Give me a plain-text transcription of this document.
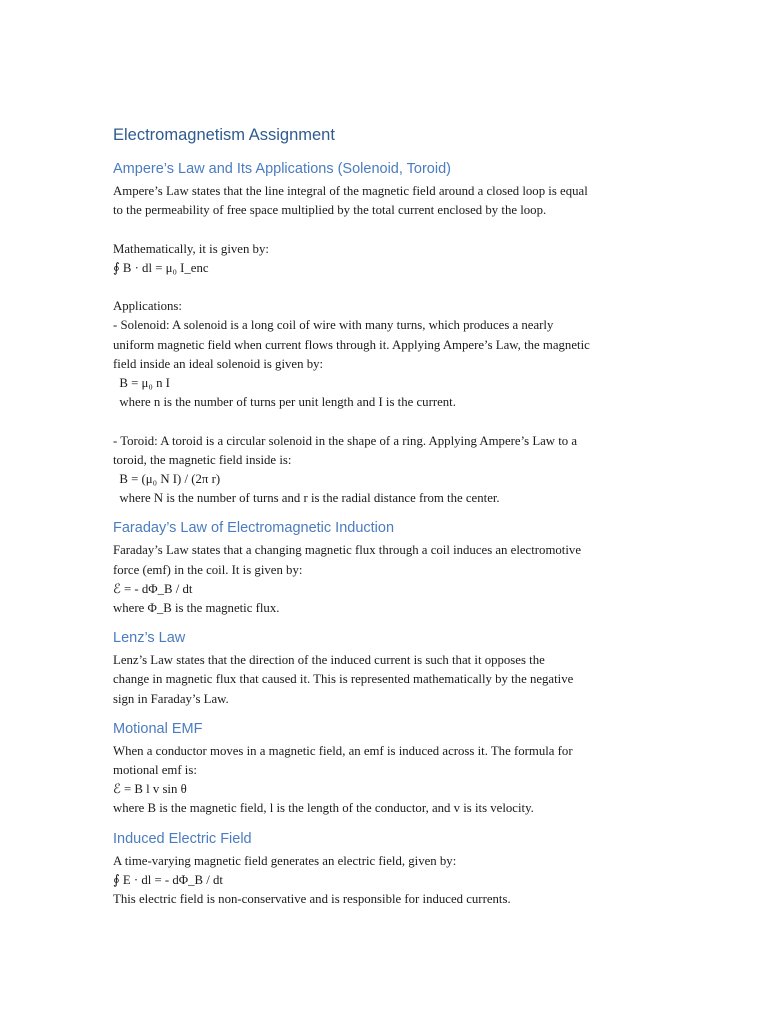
Electromagnetism Assignment
Ampere’s Law and Its Applications (Solenoid, Toroid)
Ampere’s Law states that the line integral of the magnetic field around a closed loop is equal
to the permeability of free space multiplied by the total current enclosed by the loop.
Mathematically, it is given by:
∮ B · dl = μ₀ I_enc
Applications:
- Solenoid: A solenoid is a long coil of wire with many turns, which produces a nearly
uniform magnetic field when current flows through it. Applying Ampere’s Law, the magnetic
field inside an ideal solenoid is given by:
B = μ₀ n I
where n is the number of turns per unit length and I is the current.
- Toroid: A toroid is a circular solenoid in the shape of a ring. Applying Ampere’s Law to a
toroid, the magnetic field inside is:
B = (μ₀ N I) / (2π r)
where N is the number of turns and r is the radial distance from the center.
Faraday’s Law of Electromagnetic Induction
Faraday’s Law states that a changing magnetic flux through a coil induces an electromotive
force (emf) in the coil. It is given by:
ℰ = - dΦ_B / dt
where Φ_B is the magnetic flux.
Lenz’s Law
Lenz’s Law states that the direction of the induced current is such that it opposes the
change in magnetic flux that caused it. This is represented mathematically by the negative
sign in Faraday’s Law.
Motional EMF
When a conductor moves in a magnetic field, an emf is induced across it. The formula for
motional emf is:
ℰ = B l v sin θ
where B is the magnetic field, l is the length of the conductor, and v is its velocity.
Induced Electric Field
A time-varying magnetic field generates an electric field, given by:
∮ E · dl = - dΦ_B / dt
This electric field is non-conservative and is responsible for induced currents.
